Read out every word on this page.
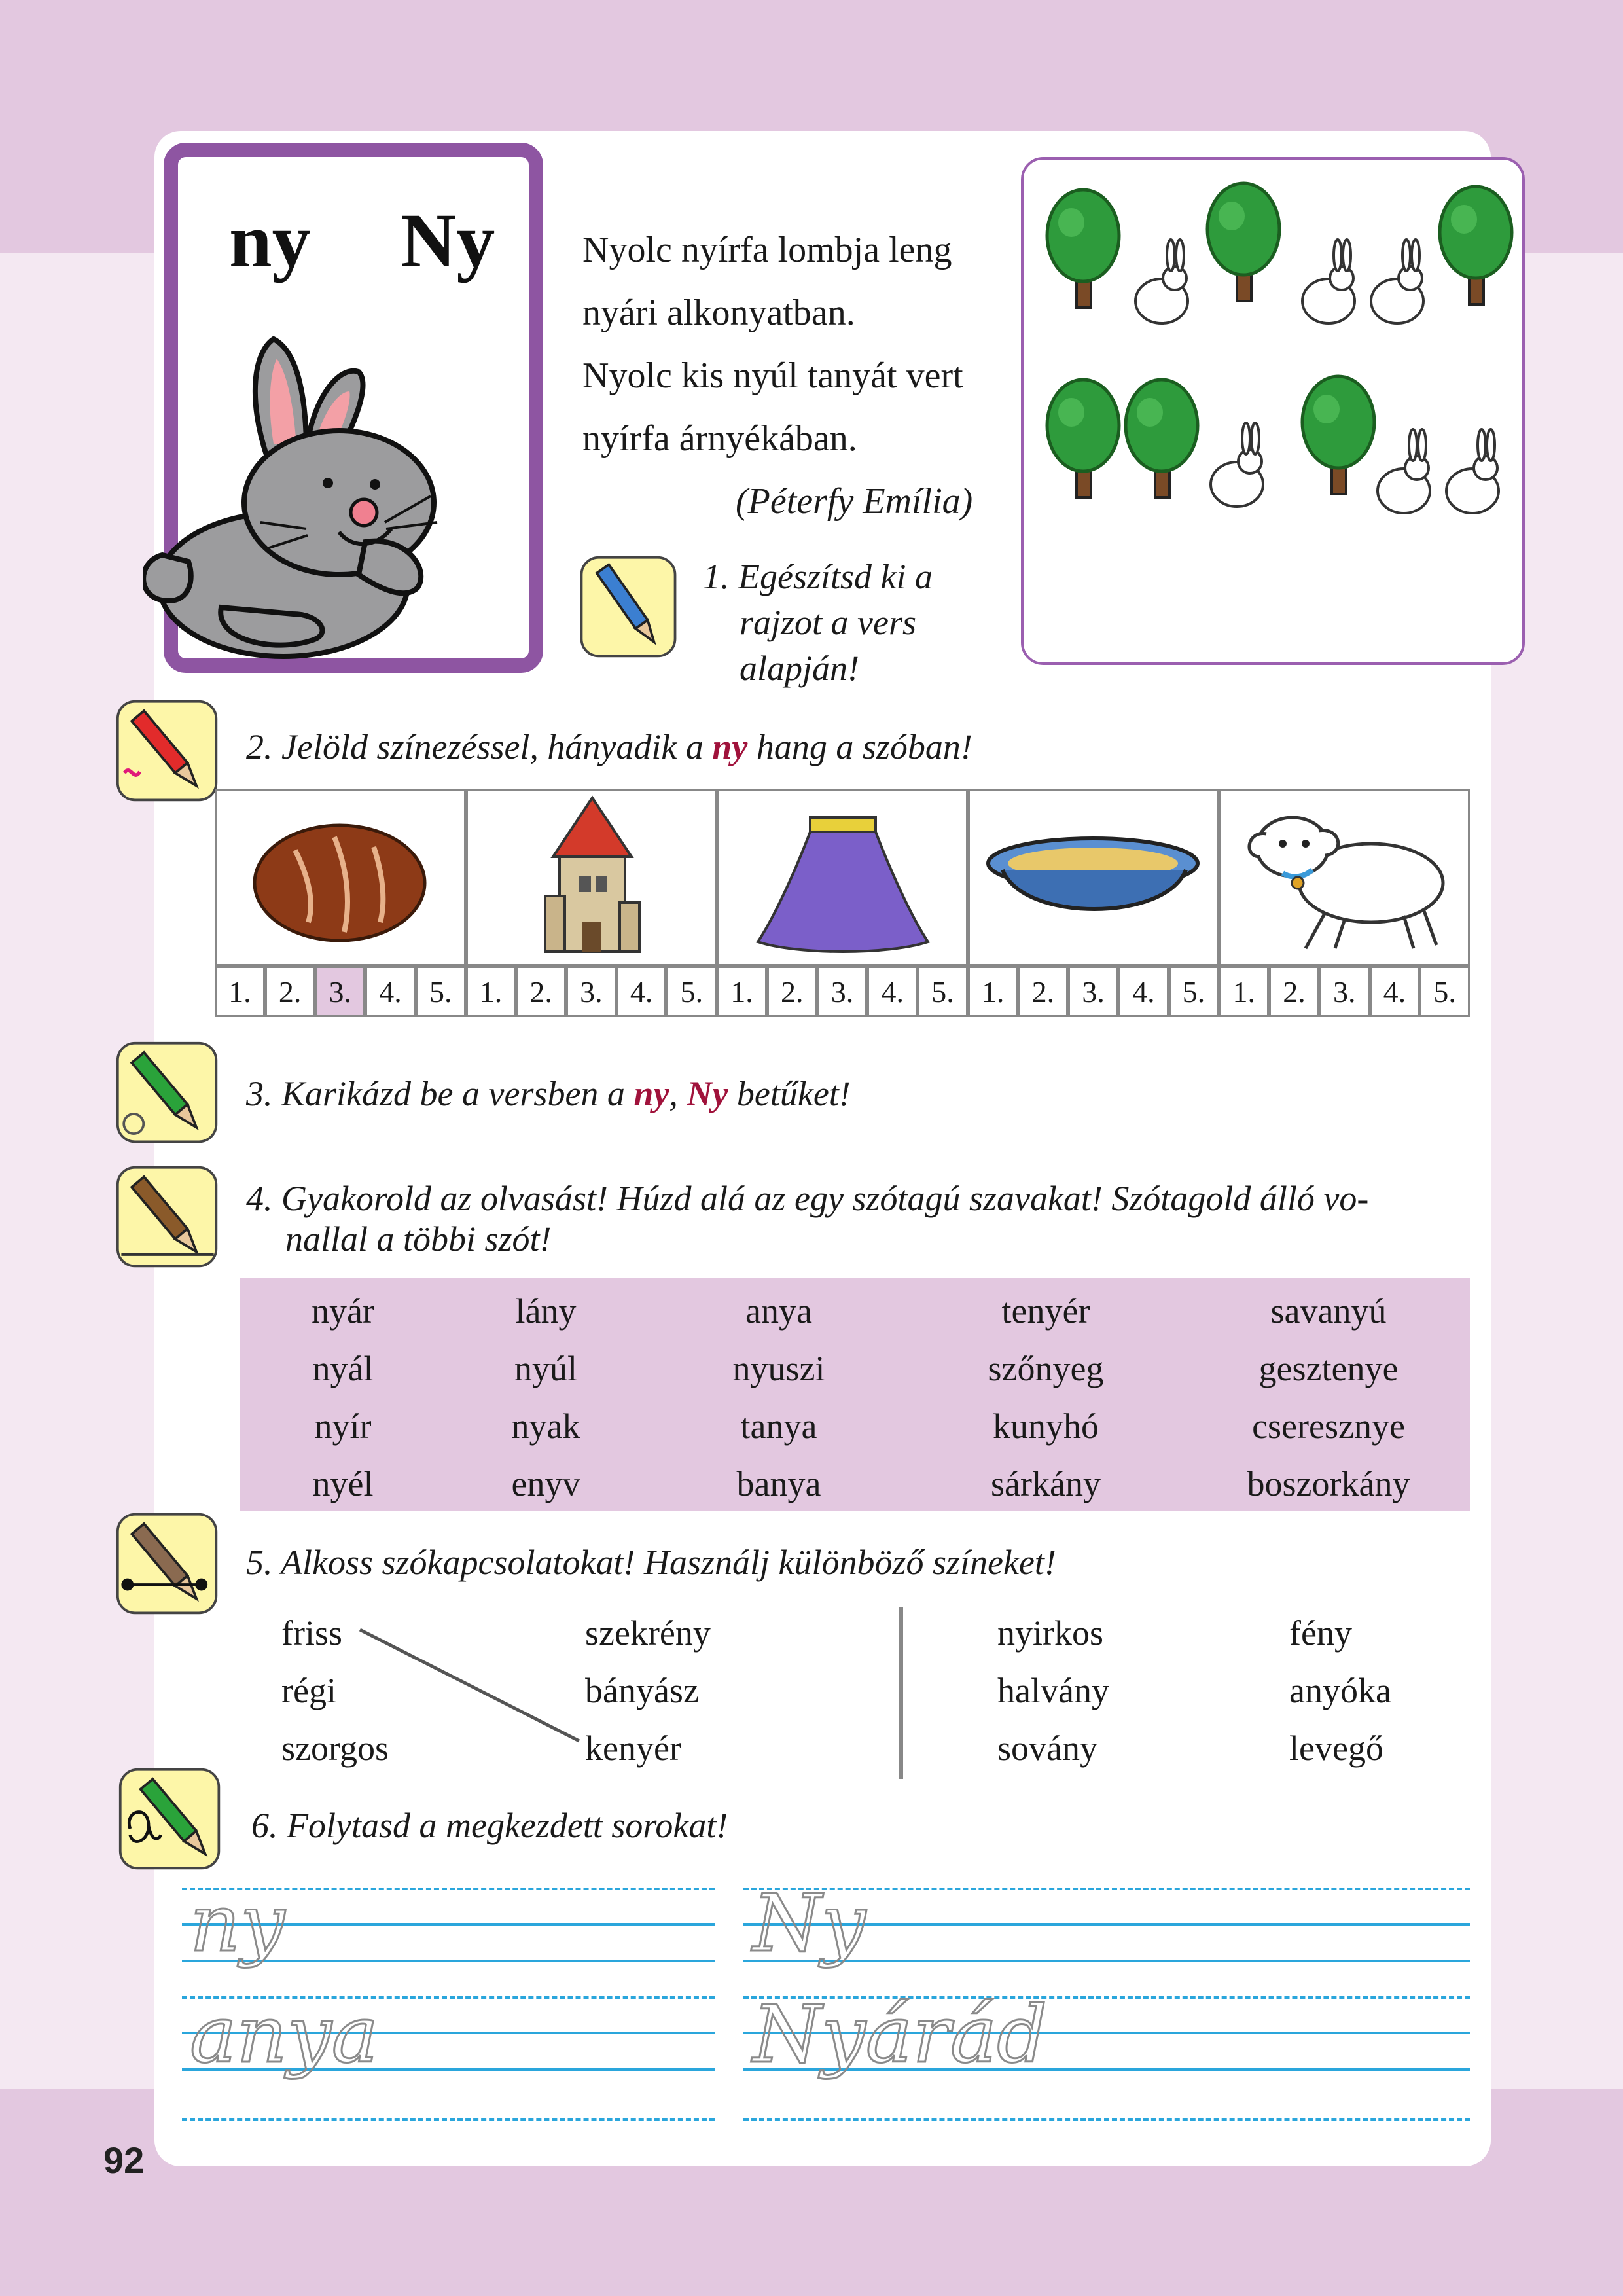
92
ny Ny Nyolc nyírfa lombja leng
nyári alkonyatban.
Nyolc kis nyúl tanyát vert
nyírfa árnyékában.
(Péterfy Emília)
1. Egészítsd ki a
rajzot a vers
alapján!
2. Jelöld színezéssel, hányadik a ny hang a szóban!
1. 2. 3. 4. 5. 1. 2. 3. 4. 5. 1. 2. 3. 4. 5. 1. 2. 3. 4. 5. 1. 2. 3. 4. 5.
3. Karikázd be a versben a ny, Ny betűket!
4. Gyakorold az olvasást! Húzd alá az egy szótagú szavakat! Szótagold álló vo-
nallal a többi szót!
nyár	lány	anya	tenyér	savanyú
nyál	nyúl	nyuszi	szőnyeg	gesztenye
nyír	nyak	tanya	kunyhó	cseresznye
nyél	enyv	banya	sárkány	boszorkány
5. Alkoss szókapcsolatokat! Használj különböző színeket!
friss
régi
szorgos
szekrény
bányász
kenyér
nyirkos
halvány
sovány
fény
anyóka
levegő
6. Folytasd a megkezdett sorokat!
ny	Ny
anya	Nyárád
